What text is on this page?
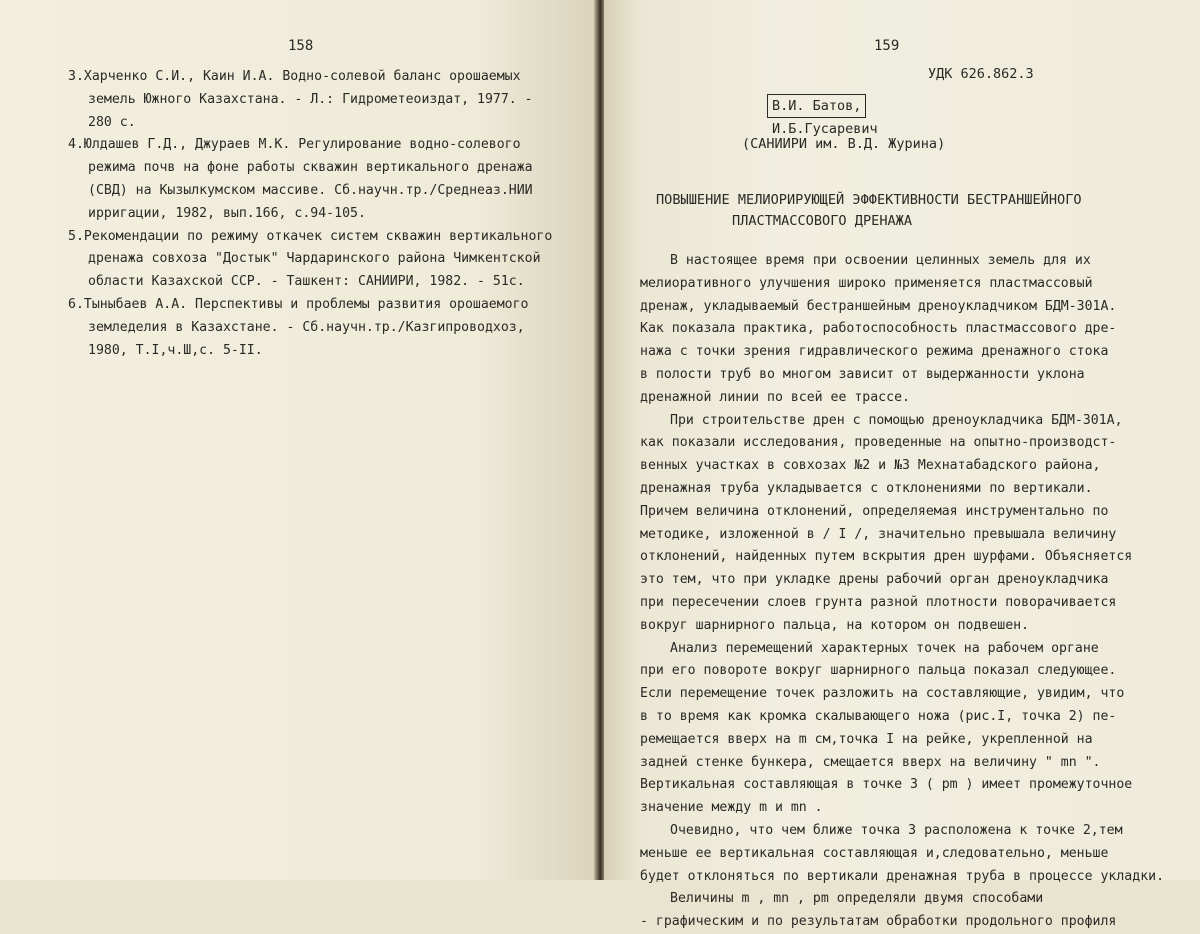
158
3.Харченко С.И., Каин И.А. Водно-солевой баланс орошаемых
земель Южного Казахстана. - Л.: Гидрометеоиздат, 1977. -
280 с.
4.Юлдашев Г.Д., Джураев М.К. Регулирование водно-солевого
режима почв на фоне работы скважин вертикального дренажа
(СВД) на Кызылкумском массиве. Сб.научн.тр./Среднеаз.НИИ
ирригации, 1982, вып.166, с.94-105.
5.Рекомендации по режиму откачек систем скважин вертикального
дренажа совхоза "Достык" Чардаринского района Чимкентской
области Казахской ССР. - Ташкент: САНИИРИ, 1982. - 51с.
6.Тыныбаев А.А. Перспективы и проблемы развития орошаемого
земледелия в Казахстане. - Сб.научн.тр./Казгипроводхоз,
1980, Т.I,ч.Ш,с. 5-II.
159
УДК 626.862.3
В.И. Батов,
И.Б.Гусаревич
(САНИИРИ им. В.Д. Журина)
ПОВЫШЕНИЕ МЕЛИОРИРУЮЩЕЙ ЭФФЕКТИВНОСТИ БЕСТРАНШЕЙНОГО
ПЛАСТМАССОВОГО ДРЕНАЖА
В настоящее время при освоении целинных земель для их
мелиоративного улучшения широко применяется пластмассовый
дренаж, укладываемый бестраншейным дреноукладчиком БДМ-301А.
Как показала практика, работоспособность пластмассового дре-
нажа с точки зрения гидравлического режима дренажного стока
в полости труб во многом зависит от выдержанности уклона
дренажной линии по всей ее трассе.
При строительстве дрен с помощью дреноукладчика БДМ-301А,
как показали исследования, проведенные на опытно-производст-
венных участках в совхозах №2 и №3 Мехнатабадского района,
дренажная труба укладывается с отклонениями по вертикали.
Причем величина отклонений, определяемая инструментально по
методике, изложенной в / I /, значительно превышала величину
отклонений, найденных путем вскрытия дрен шурфами. Объясняется
это тем, что при укладке дрены рабочий орган дреноукладчика
при пересечении слоев грунта разной плотности поворачивается
вокруг шарнирного пальца, на котором он подвешен.
Анализ перемещений характерных точек на рабочем органе
при его повороте вокруг шарнирного пальца показал следующее.
Если перемещение точек разложить на составляющие, увидим, что
в то время как кромка скалывающего ножа (рис.I, точка 2) пе-
ремещается вверх на m см,точка I на рейке, укрепленной на
задней стенке бункера, смещается вверх на величину " mn ".
Вертикальная составляющая в точке 3 ( pm ) имеет промежуточное
значение между m и mn .
Очевидно, что чем ближе точка 3 расположена к точке 2,тем
меньше ее вертикальная составляющая и,следовательно, меньше
будет отклоняться по вертикали дренажная труба в процессе укладки.
Величины m , mn , pm определяли двумя способами
- графическим и по результатам обработки продольного профиля
